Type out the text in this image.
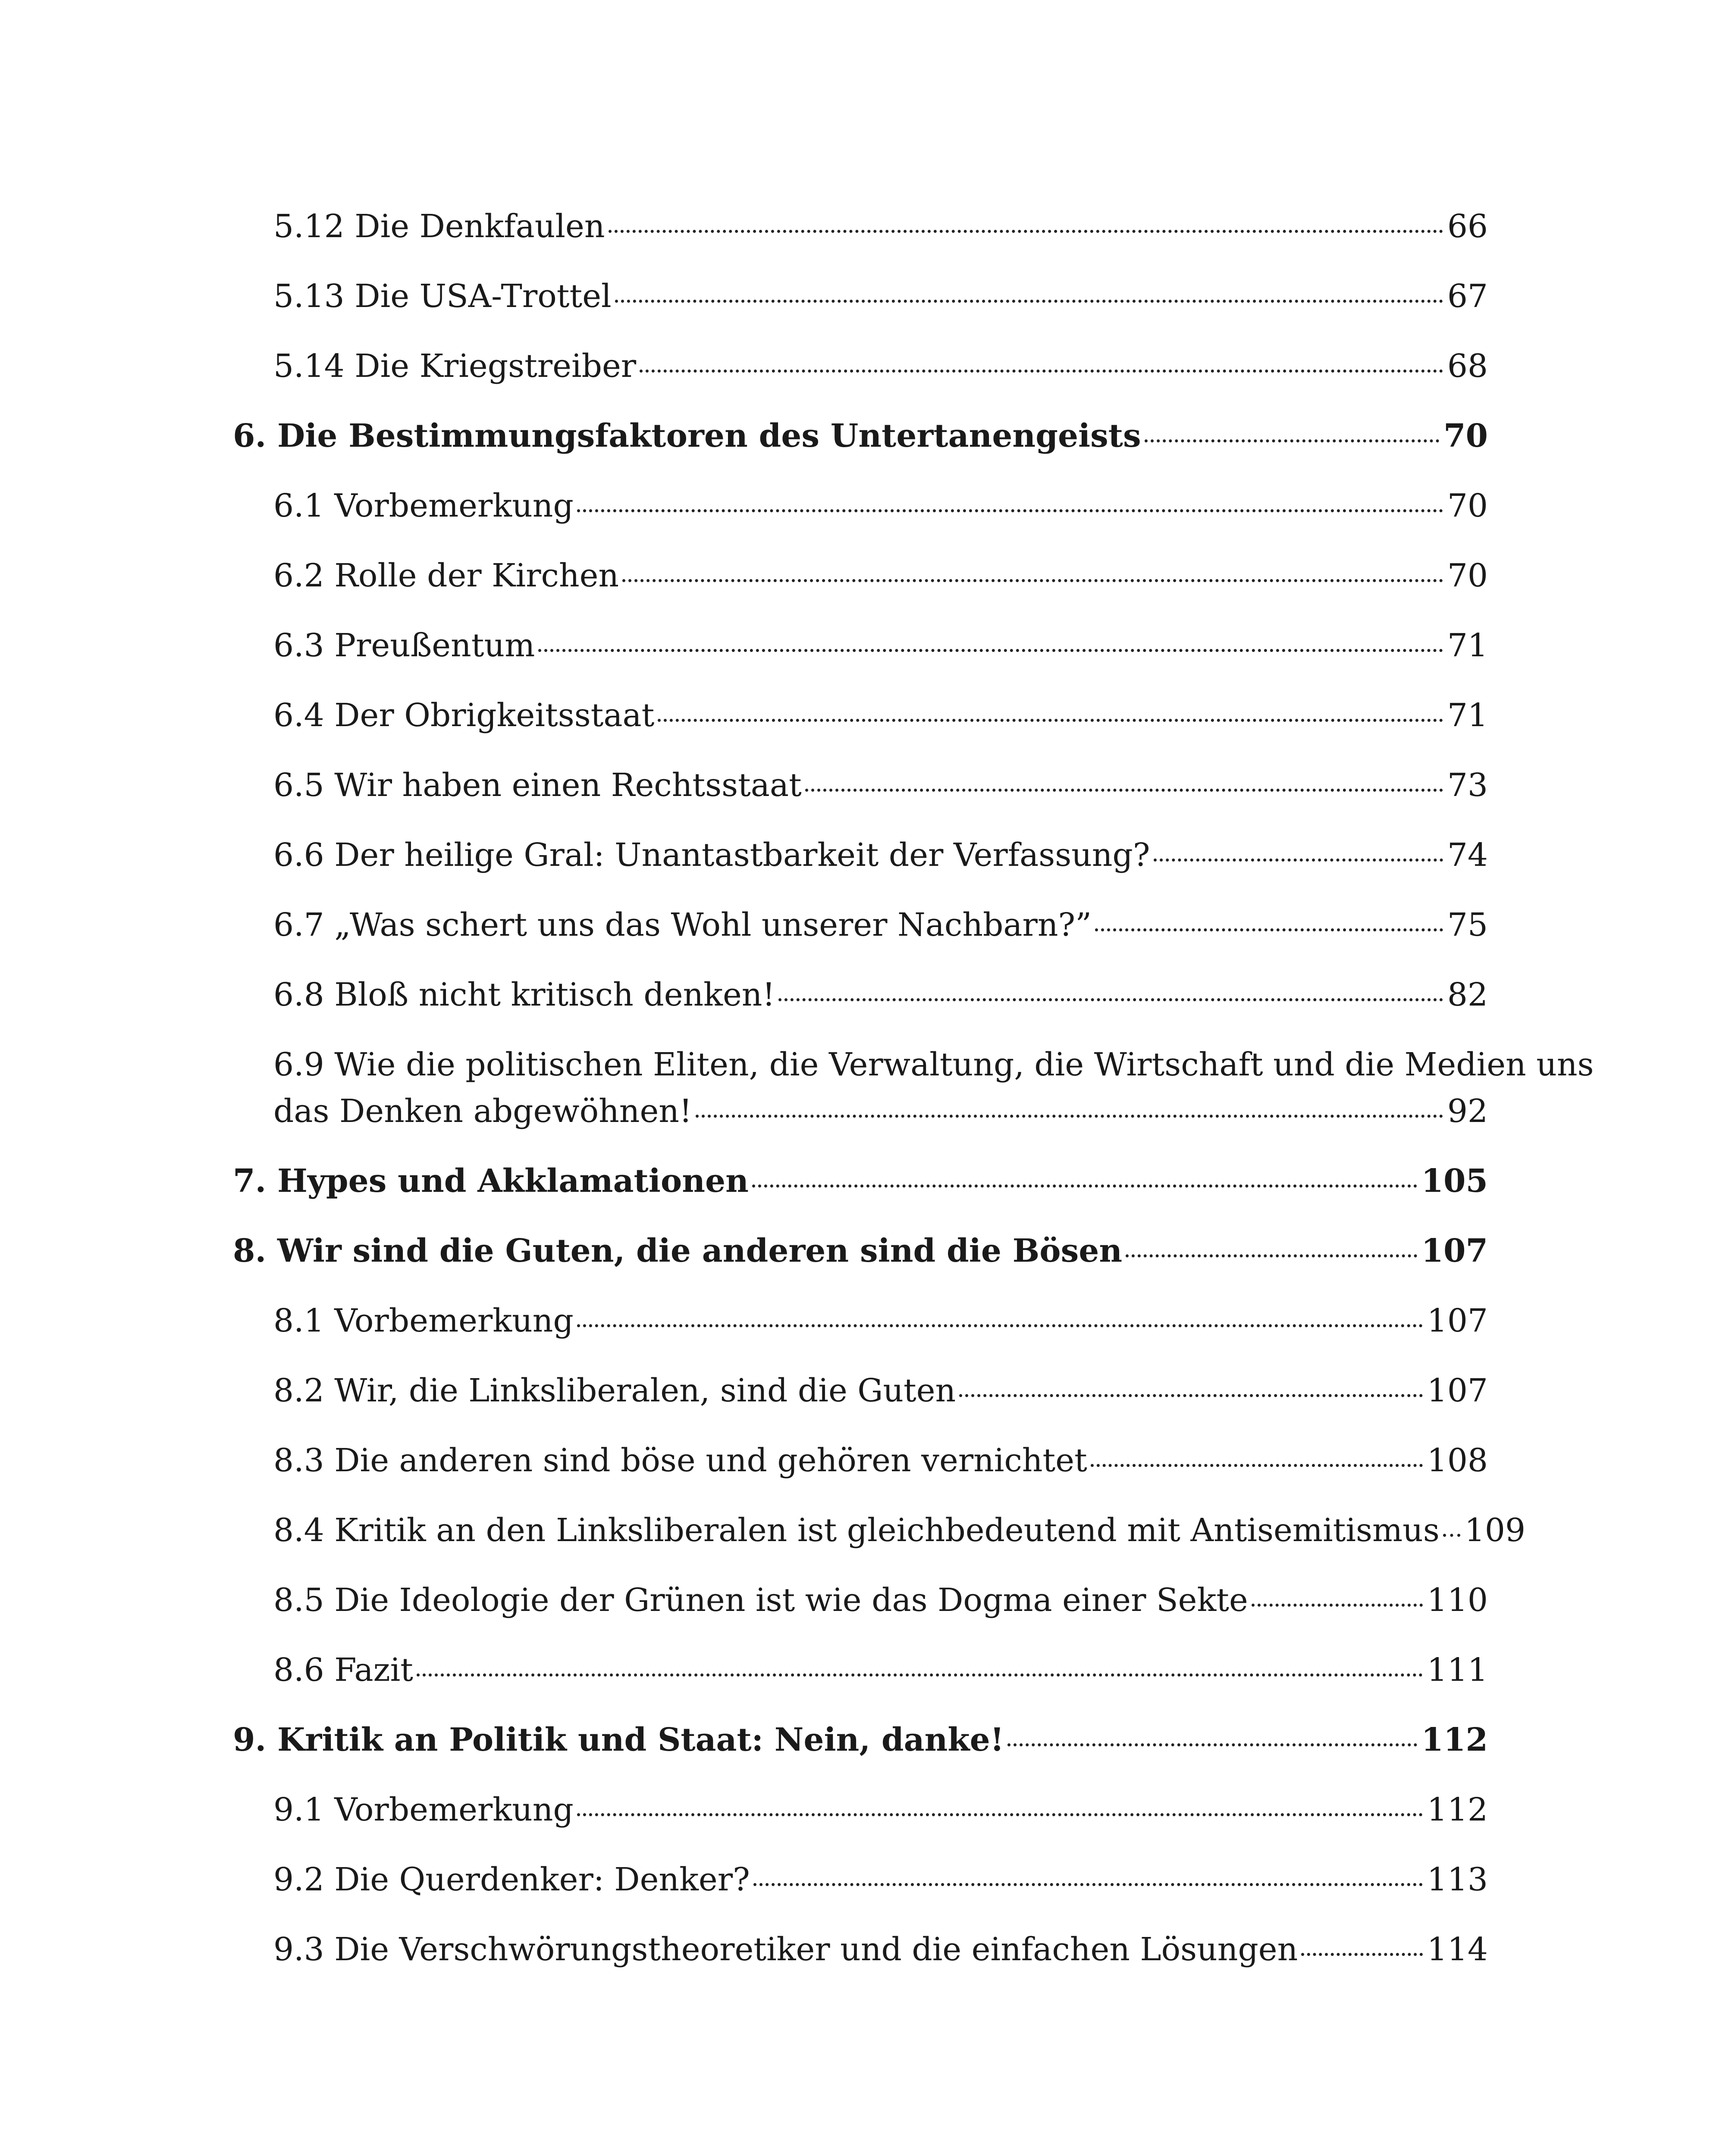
5.12 Die Denkfaulen	66
5.13 Die USA-Trottel	67
5.14 Die Kriegstreiber	68
6. Die Bestimmungsfaktoren des Untertanengeists	70
6.1 Vorbemerkung	70
6.2 Rolle der Kirchen	70
6.3 Preußentum	71
6.4 Der Obrigkeitsstaat	71
6.5 Wir haben einen Rechtsstaat	73
6.6 Der heilige Gral: Unantastbarkeit der Verfassung?	74
6.7 „Was schert uns das Wohl unserer Nachbarn?”	75
6.8 Bloß nicht kritisch denken!	82
6.9 Wie die politischen Eliten, die Verwaltung, die Wirtschaft und die Medien uns
das Denken abgewöhnen!	92
7. Hypes und Akklamationen	105
8. Wir sind die Guten, die anderen sind die Bösen	107
8.1 Vorbemerkung	107
8.2 Wir, die Linksliberalen, sind die Guten	107
8.3 Die anderen sind böse und gehören vernichtet	108
8.4 Kritik an den Linksliberalen ist gleichbedeutend mit Antisemitismus 109
8.5 Die Ideologie der Grünen ist wie das Dogma einer Sekte	110
8.6 Fazit	111
9. Kritik an Politik und Staat: Nein, danke!	112
9.1 Vorbemerkung	112
9.2 Die Querdenker: Denker?	113
9.3 Die Verschwörungstheoretiker und die einfachen Lösungen	114
